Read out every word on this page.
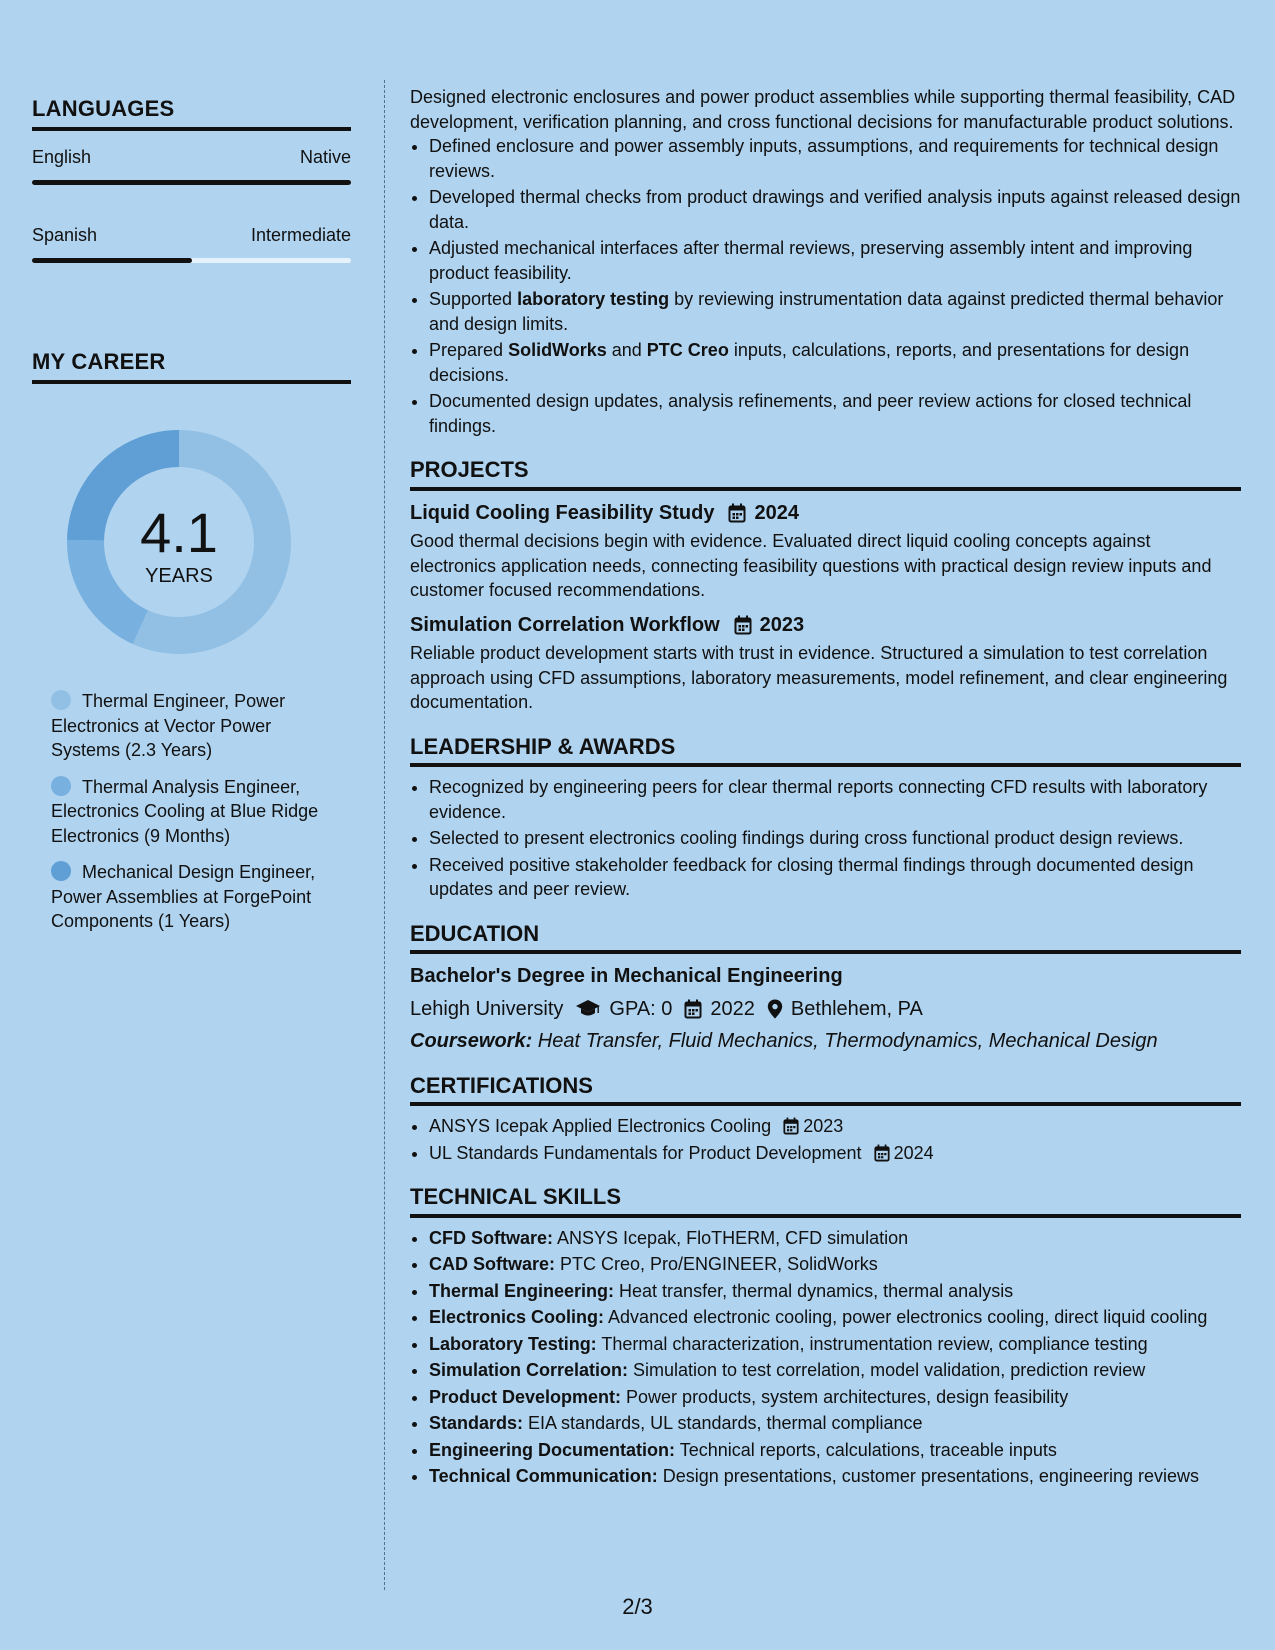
LANGUAGES
English	Native
Spanish	Intermediate
MY CAREER
4.1
YEARS
Thermal Engineer, Power Electronics at Vector Power Systems (2.3 Years)
Thermal Analysis Engineer, Electronics Cooling at Blue Ridge Electronics (9 Months)
Mechanical Design Engineer, Power Assemblies at ForgePoint Components (1 Years)

Designed electronic enclosures and power product assemblies while supporting thermal feasibility, CAD development, verification planning, and cross functional decisions for manufacturable product solutions.

• Defined enclosure and power assembly inputs, assumptions, and requirements for technical design reviews.
• Developed thermal checks from product drawings and verified analysis inputs against released design data.
• Adjusted mechanical interfaces after thermal reviews, preserving assembly intent and improving product feasibility.
• Supported laboratory testing by reviewing instrumentation data against predicted thermal behavior and design limits.
• Prepared SolidWorks and PTC Creo inputs, calculations, reports, and presentations for design decisions.
• Documented design updates, analysis refinements, and peer review actions for closed technical findings.
PROJECTS
Liquid Cooling Feasibility Study 2024

Good thermal decisions begin with evidence. Evaluated direct liquid cooling concepts against electronics application needs, connecting feasibility questions with practical design review inputs and customer focused recommendations.

Simulation Correlation Workflow 2023

Reliable product development starts with trust in evidence. Structured a simulation to test correlation approach using CFD assumptions, laboratory measurements, model refinement, and clear engineering documentation.

LEADERSHIP & AWARDS
• Recognized by engineering peers for clear thermal reports connecting CFD results with laboratory evidence.
• Selected to present electronics cooling findings during cross functional product design reviews.
• Received positive stakeholder feedback for closing thermal findings through documented design updates and peer review.
EDUCATION
Bachelor's Degree in Mechanical Engineering
Lehigh University GPA: 0 2022 Bethlehem, PA
Coursework: Heat Transfer, Fluid Mechanics, Thermodynamics, Mechanical Design
CERTIFICATIONS
• ANSYS Icepak Applied Electronics Cooling 2023
• UL Standards Fundamentals for Product Development 2024
TECHNICAL SKILLS
• CFD Software: ANSYS Icepak, FloTHERM, CFD simulation
• CAD Software: PTC Creo, Pro/ENGINEER, SolidWorks
• Thermal Engineering: Heat transfer, thermal dynamics, thermal analysis
• Electronics Cooling: Advanced electronic cooling, power electronics cooling, direct liquid cooling
• Laboratory Testing: Thermal characterization, instrumentation review, compliance testing
• Simulation Correlation: Simulation to test correlation, model validation, prediction review
• Product Development: Power products, system architectures, design feasibility
• Standards: EIA standards, UL standards, thermal compliance
• Engineering Documentation: Technical reports, calculations, traceable inputs
• Technical Communication: Design presentations, customer presentations, engineering reviews
2/3
